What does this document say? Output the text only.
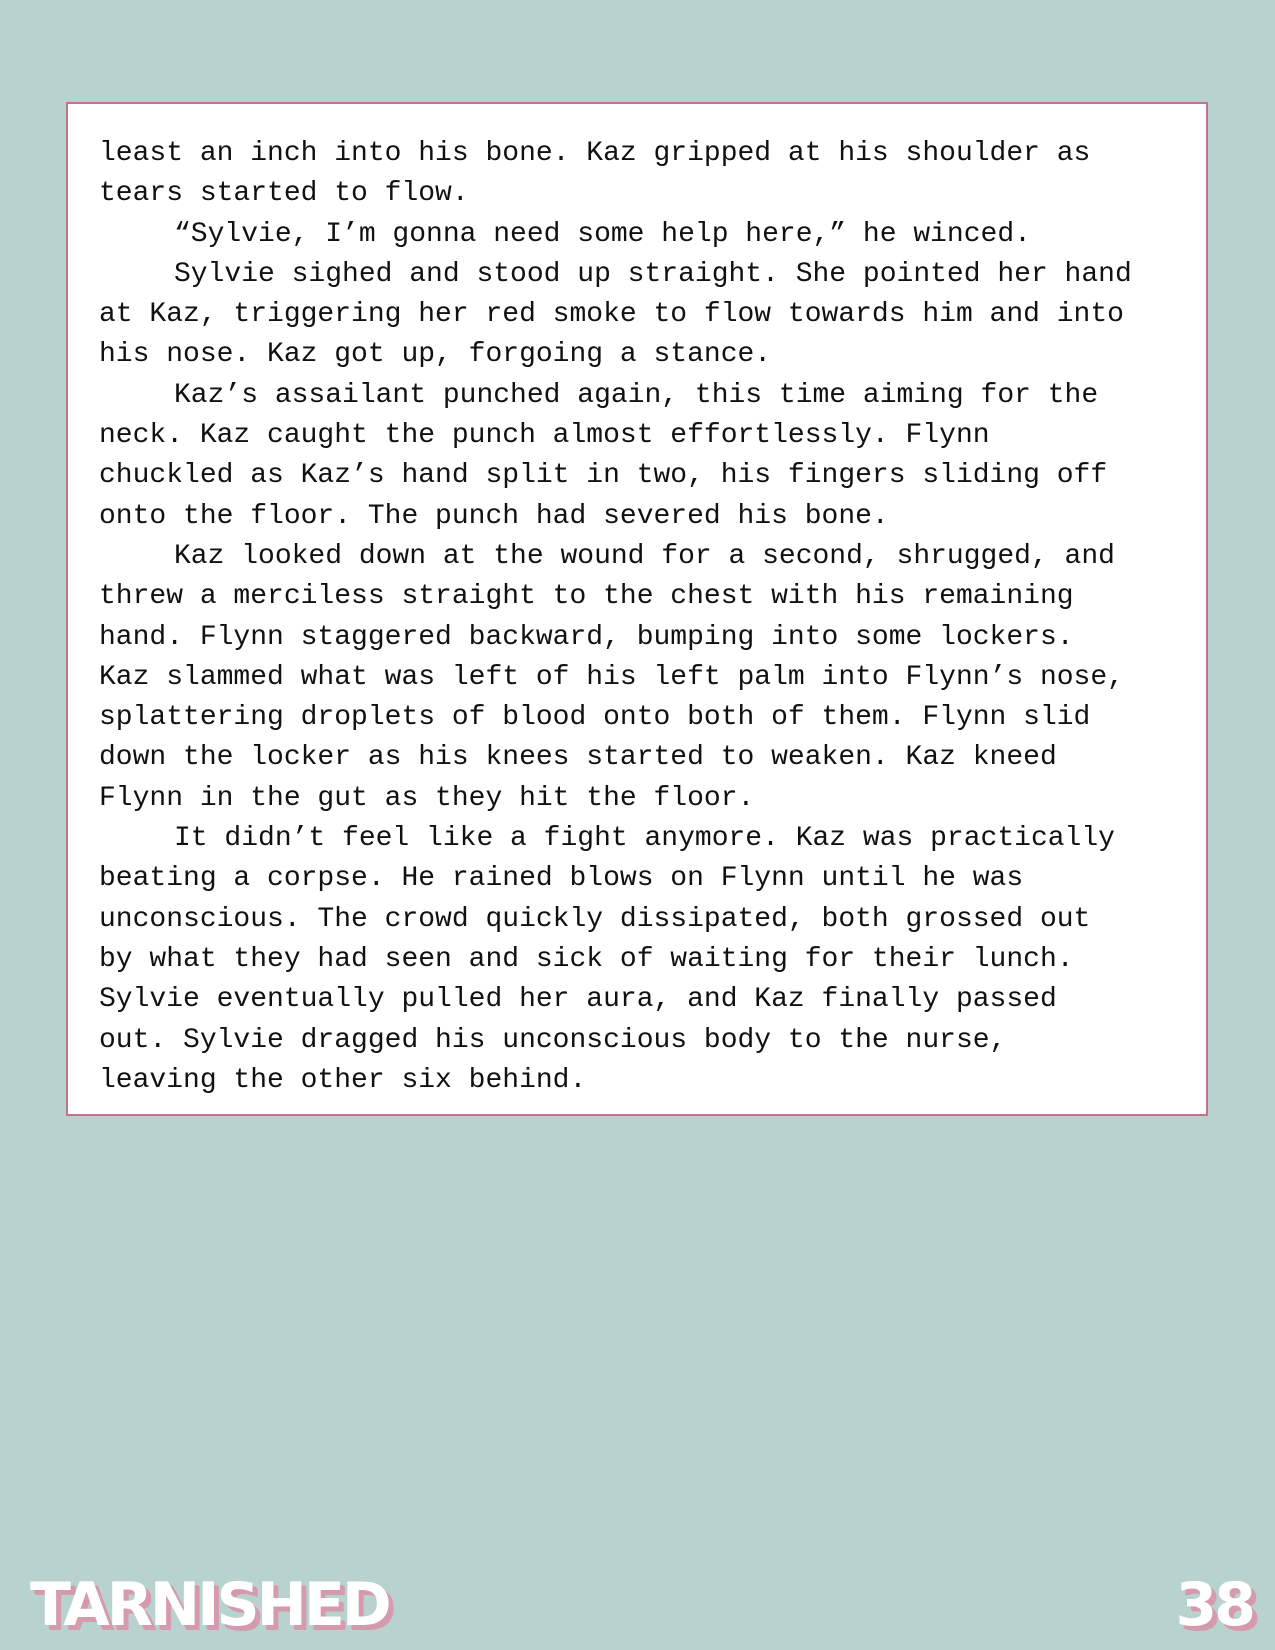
least an inch into his bone. Kaz gripped at his shoulder as

tears started to flow.

“Sylvie, I’m gonna need some help here,” he winced.

Sylvie sighed and stood up straight. She pointed her hand

at Kaz, triggering her red smoke to flow towards him and into

his nose. Kaz got up, forgoing a stance.

Kaz’s assailant punched again, this time aiming for the

neck. Kaz caught the punch almost effortlessly. Flynn

chuckled as Kaz’s hand split in two, his fingers sliding off

onto the floor. The punch had severed his bone.

Kaz looked down at the wound for a second, shrugged, and

threw a merciless straight to the chest with his remaining

hand. Flynn staggered backward, bumping into some lockers.

Kaz slammed what was left of his left palm into Flynn’s nose,

splattering droplets of blood onto both of them. Flynn slid

down the locker as his knees started to weaken. Kaz kneed

Flynn in the gut as they hit the floor.

It didn’t feel like a fight anymore. Kaz was practically

beating a corpse. He rained blows on Flynn until he was

unconscious. The crowd quickly dissipated, both grossed out

by what they had seen and sick of waiting for their lunch.

Sylvie eventually pulled her aura, and Kaz finally passed

out. Sylvie dragged his unconscious body to the nurse,

leaving the other six behind.

TARNISHED	38
